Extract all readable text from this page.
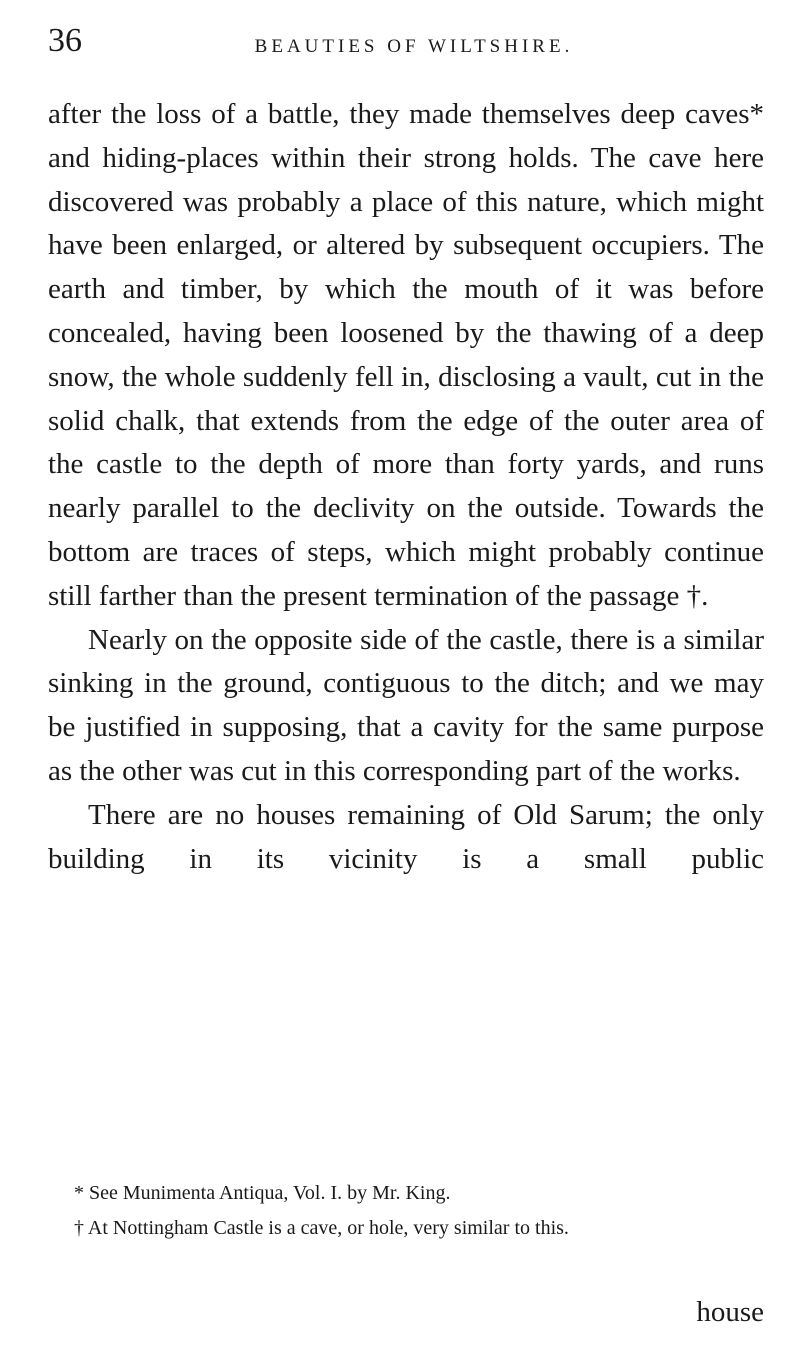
36	BEAUTIES OF WILTSHIRE.

after the loss of a battle, they made themselves deep caves* and hiding-places within their strong holds. The cave here discovered was probably a place of this nature, which might have been enlarged, or altered by subsequent occupiers. The earth and timber, by which the mouth of it was before concealed, having been loosened by the thawing of a deep snow, the whole suddenly fell in, disclosing a vault, cut in the solid chalk, that extends from the edge of the outer area of the castle to the depth of more than forty yards, and runs nearly parallel to the declivity on the outside. Towards the bottom are traces of steps, which might probably continue still farther than the present termination of the passage †.

Nearly on the opposite side of the castle, there is a similar sinking in the ground, contiguous to the ditch; and we may be justified in supposing, that a cavity for the same purpose as the other was cut in this corresponding part of the works.

There are no houses remaining of Old Sarum; the only building in its vicinity is a small public

* See Munimenta Antiqua, Vol. I. by Mr. King.

† At Nottingham Castle is a cave, or hole, very similar to this.

house
